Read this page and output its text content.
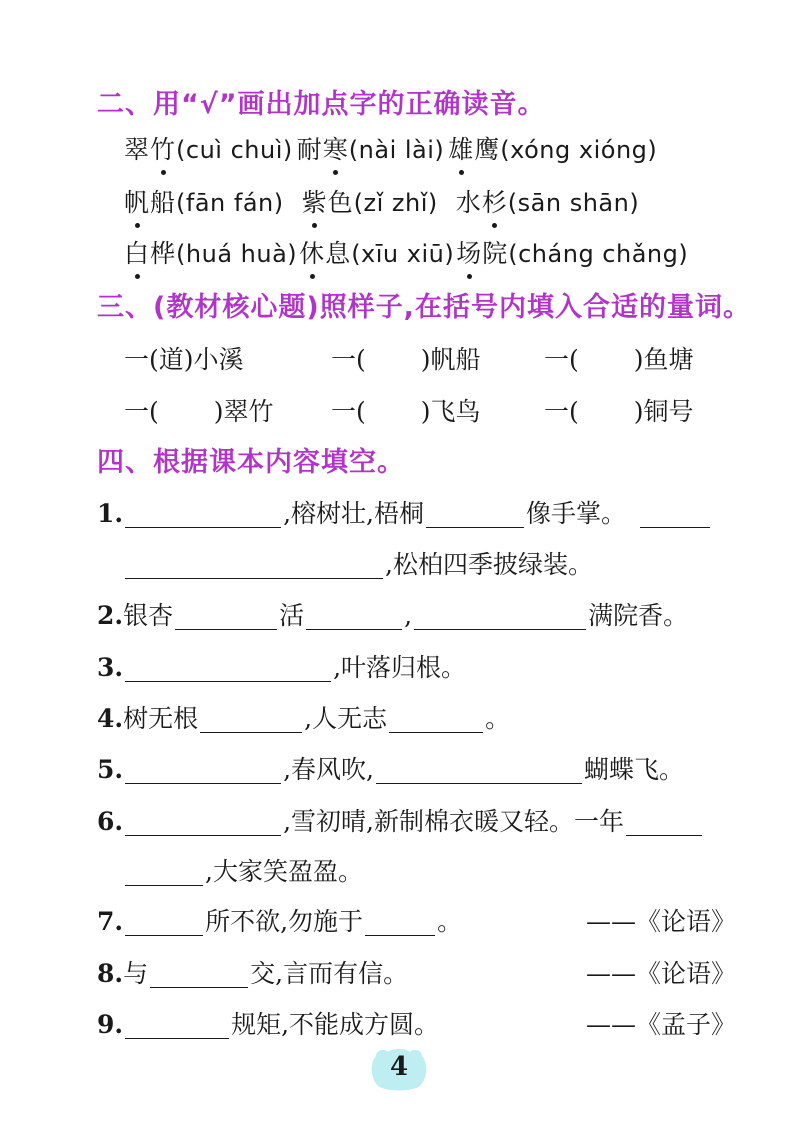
二、用“√”画出加点字的正确读音。
翠 竹 (cuì chuì) 耐 寒 (nài lài) 雄 鹰 (xóng xióng)
帆 船 (fān fán) 紫 色 (zǐ zhǐ) 水 杉 (sān shān)
白 桦 (huá huà) 休 息 (xīu xiū) 场 院 (cháng chǎng)
三、(教材核心题)照样子,在括号内填入合适的量词。
一( 道 )小溪	一( )帆船	一( )鱼塘
一( )翠竹 一( )飞鸟	一( )铜号
四、根据课本内容填空。
1.	,榕树壮,梧桐	像手掌。
,松柏四季披绿装。
2. 银杏	活	,	满院香。
3.	,叶落归根。
4. 树无根	,人无志	。
5.	,春风吹,	蝴蝶飞。
6.	,雪初晴,新制棉衣暖又轻。一年
,大家笑盈盈。
7.	所不欲,勿施于	。	——《论语》
8. 与	交,言而有信。	——《论语》
9.	规矩,不能成方圆。	——《孟子》
4
